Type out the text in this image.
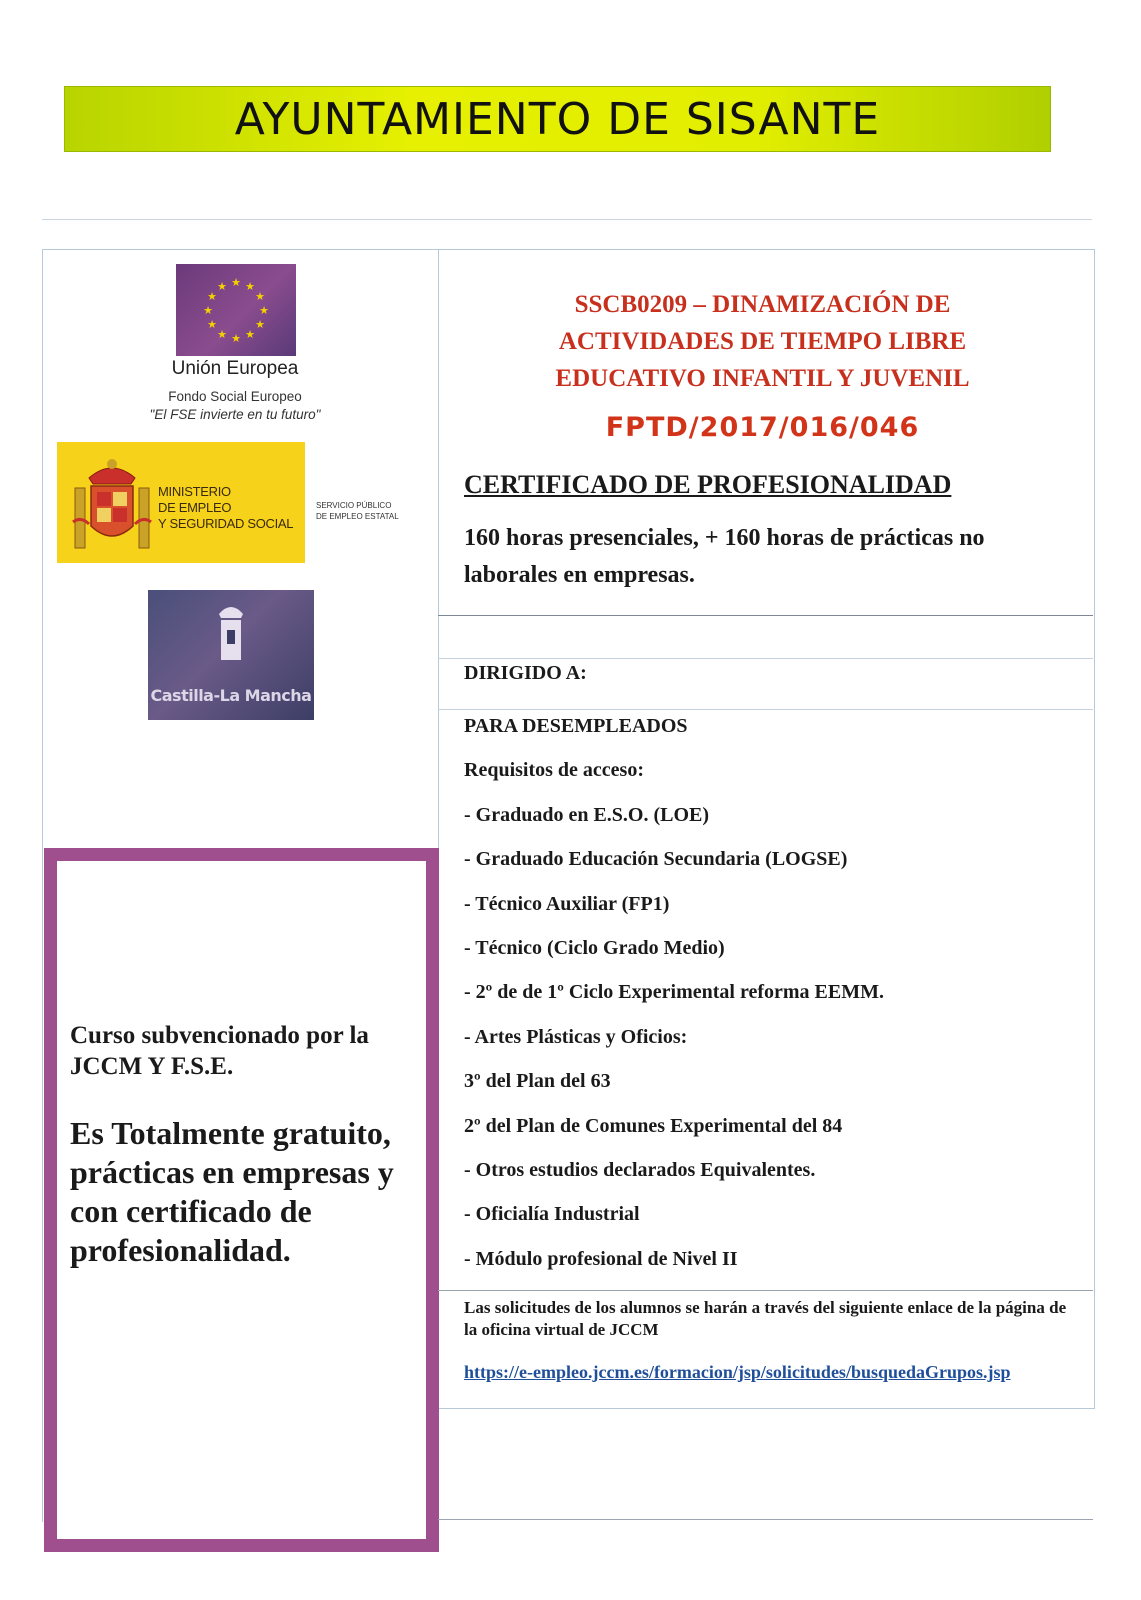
AYUNTAMIENTO DE SISANTE
★ ★
★
★
★
★
★
★
★
★
★
★
Unión Europea
Fondo Social Europeo
"El FSE invierte en tu futuro"
MINISTERIO
DE EMPLEO
Y SEGURIDAD SOCIAL
SERVICIO PÚBLICO
DE EMPLEO ESTATAL
Castilla-La Mancha
Curso subvencionado por la JCCM Y F.S.E.
Es Totalmente gratuito, prácticas en empresas y con certificado de profesionalidad.
SSCB0209 – DINAMIZACIÓN DE
ACTIVIDADES DE TIEMPO LIBRE
EDUCATIVO INFANTIL Y JUVENIL
FPTD/2017/016/046
CERTIFICADO DE PROFESIONALIDAD
160 horas presenciales, + 160 horas de prácticas no laborales en empresas.
DIRIGIDO A:
PARA DESEMPLEADOS
Requisitos de acceso:
- Graduado en E.S.O. (LOE)
- Graduado Educación Secundaria (LOGSE)
- Técnico Auxiliar (FP1)
- Técnico (Ciclo Grado Medio)
- 2º de de 1º Ciclo Experimental reforma EEMM.
- Artes Plásticas y Oficios:
3º del Plan del 63
2º del Plan de Comunes Experimental del 84
- Otros estudios declarados Equivalentes.
- Oficialía Industrial
- Módulo profesional de Nivel II
Las solicitudes de los alumnos se harán a través del siguiente enlace de la página de la oficina virtual de JCCM
https://e-empleo.jccm.es/formacion/jsp/solicitudes/busquedaGrupos.jsp
